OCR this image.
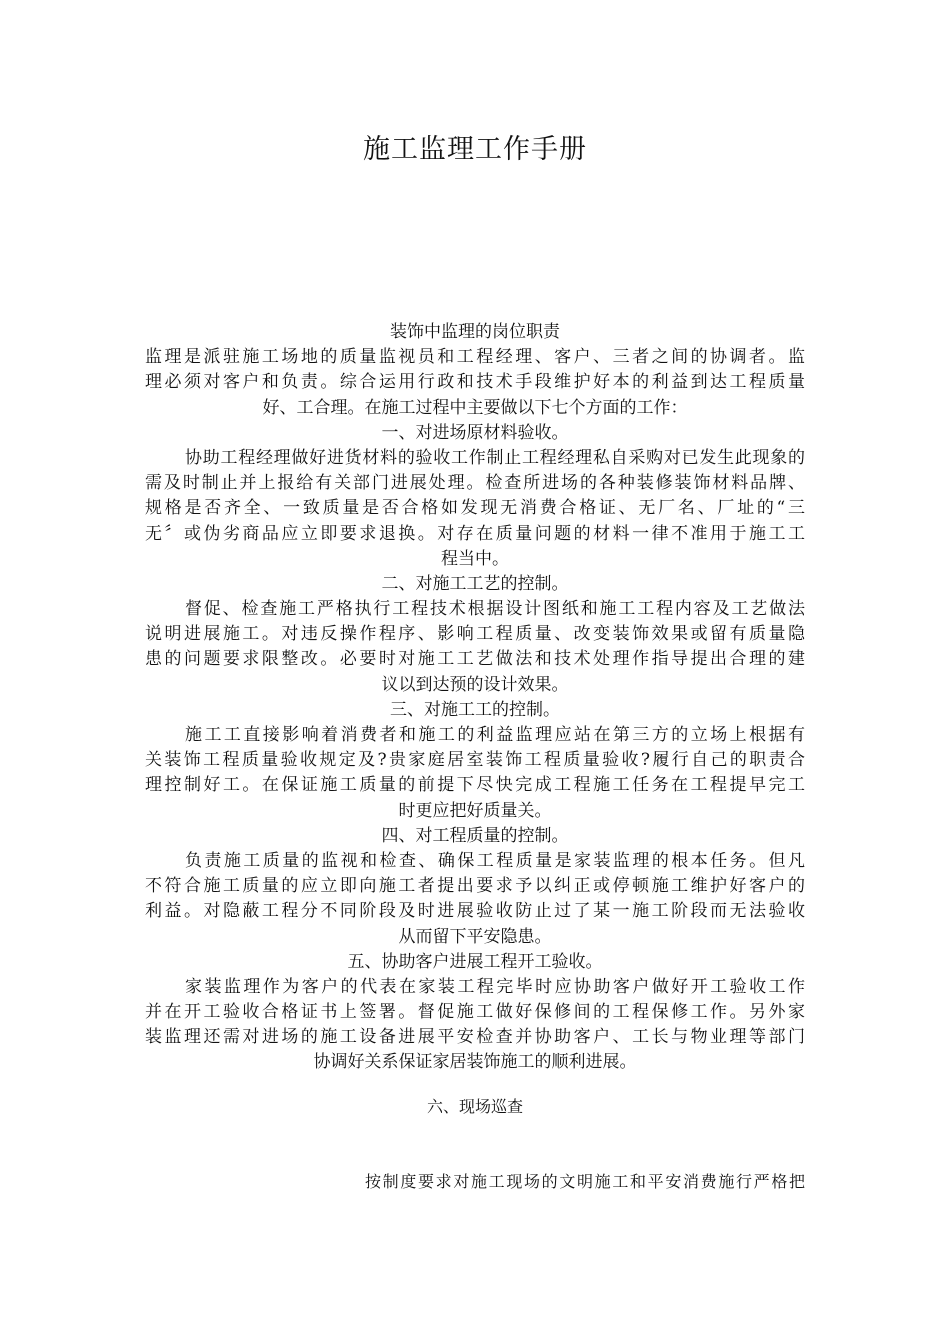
施工监理工作手册
装饰中监理的岗位职责
监理是派驻施工场地的质量监视员和工程经理、客户、三者之间的协调者。监
理必须对客户和负责。综合运用行政和技术手段维护好本的利益到达工程质量
好、工合理。在施工过程中主要做以下七个方面的工作：
一、对进场原材料验收。
协助工程经理做好进货材料的验收工作制止工程经理私自采购对已发生此现象的
需及时制止并上报给有关部门进展处理。检查所进场的各种装修装饰材料品牌、
规格是否齐全、一致质量是否合格如发现无消费合格证、无厂名、厂址的“三
无〞或伪劣商品应立即要求退换。对存在质量问题的材料一律不准用于施工工
程当中。
二、对施工工艺的控制。
督促、检查施工严格执行工程技术根据设计图纸和施工工程内容及工艺做法
说明进展施工。对违反操作程序、影响工程质量、改变装饰效果或留有质量隐
患的问题要求限整改。必要时对施工工艺做法和技术处理作指导提出合理的建
议以到达预的设计效果。
三、对施工工的控制。
施工工直接影响着消费者和施工的利益监理应站在第三方的立场上根据有
关装饰工程质量验收规定及?贵家庭居室装饰工程质量验收?履行自己的职责合
理控制好工。在保证施工质量的前提下尽快完成工程施工任务在工程提早完工
时更应把好质量关。
四、对工程质量的控制。
负责施工质量的监视和检查、确保工程质量是家装监理的根本任务。但凡
不符合施工质量的应立即向施工者提出要求予以纠正或停顿施工维护好客户的
利益。对隐蔽工程分不同阶段及时进展验收防止过了某一施工阶段而无法验收
从而留下平安隐患。
五、协助客户进展工程开工验收。
家装监理作为客户的代表在家装工程完毕时应协助客户做好开工验收工作
并在开工验收合格证书上签署。督促施工做好保修间的工程保修工作。另外家
装监理还需对进场的施工设备进展平安检查并协助客户、工长与物业理等部门
协调好关系保证家居装饰施工的顺利进展。
六、现场巡查
按制度要求对施工现场的文明施工和平安消费施行严格把
